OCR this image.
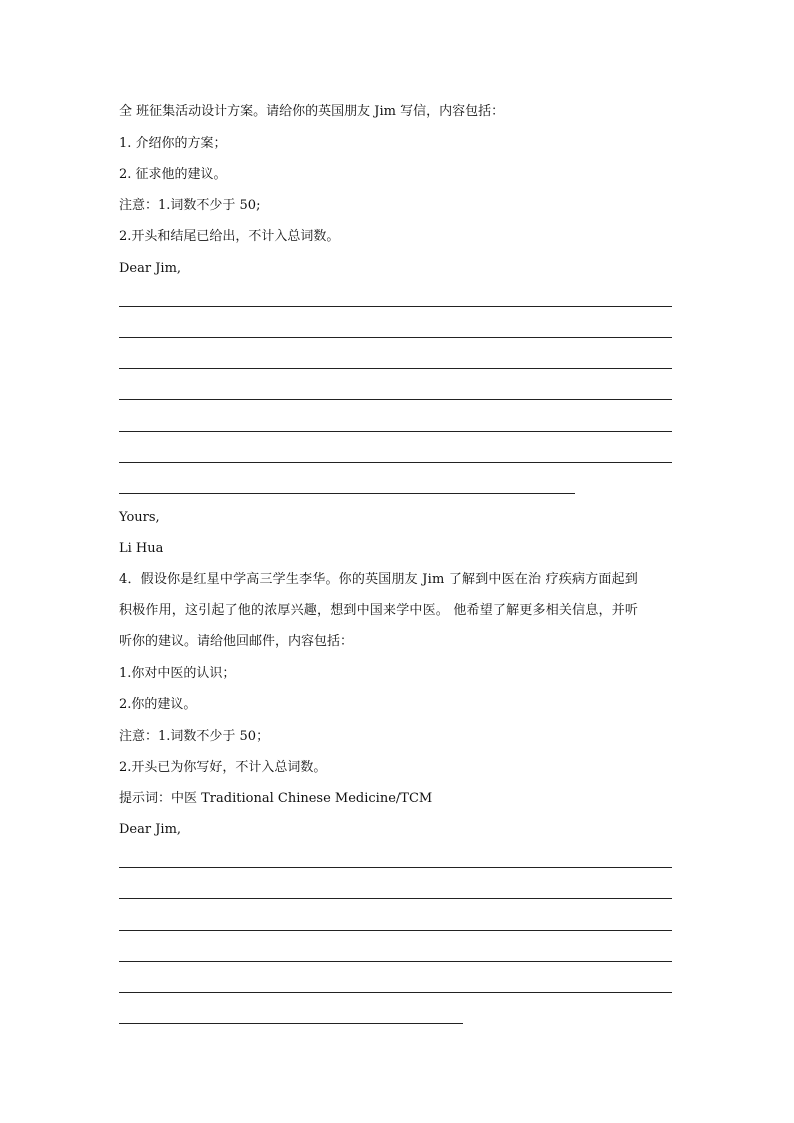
全 班征集活动设计方案。请给你的英国朋友 Jim 写信，内容包括：
1. 介绍你的方案；
2. 征求他的建议。
注意：1.词数不少于 50;
2.开头和结尾已给出，不计入总词数。
Dear Jim,
Yours,
Li Hua
4．假设你是红星中学高三学生李华。你的英国朋友 Jim 了解到中医在治 疗疾病方面起到
积极作用，这引起了他的浓厚兴趣，想到中国来学中医。 他希望了解更多相关信息，并听
听你的建议。请给他回邮件，内容包括：
1.你对中医的认识；
2.你的建议。
注意：1.词数不少于 50；
2.开头已为你写好，不计入总词数。
提示词：中医 Traditional Chinese Medicine/TCM
Dear Jim,
